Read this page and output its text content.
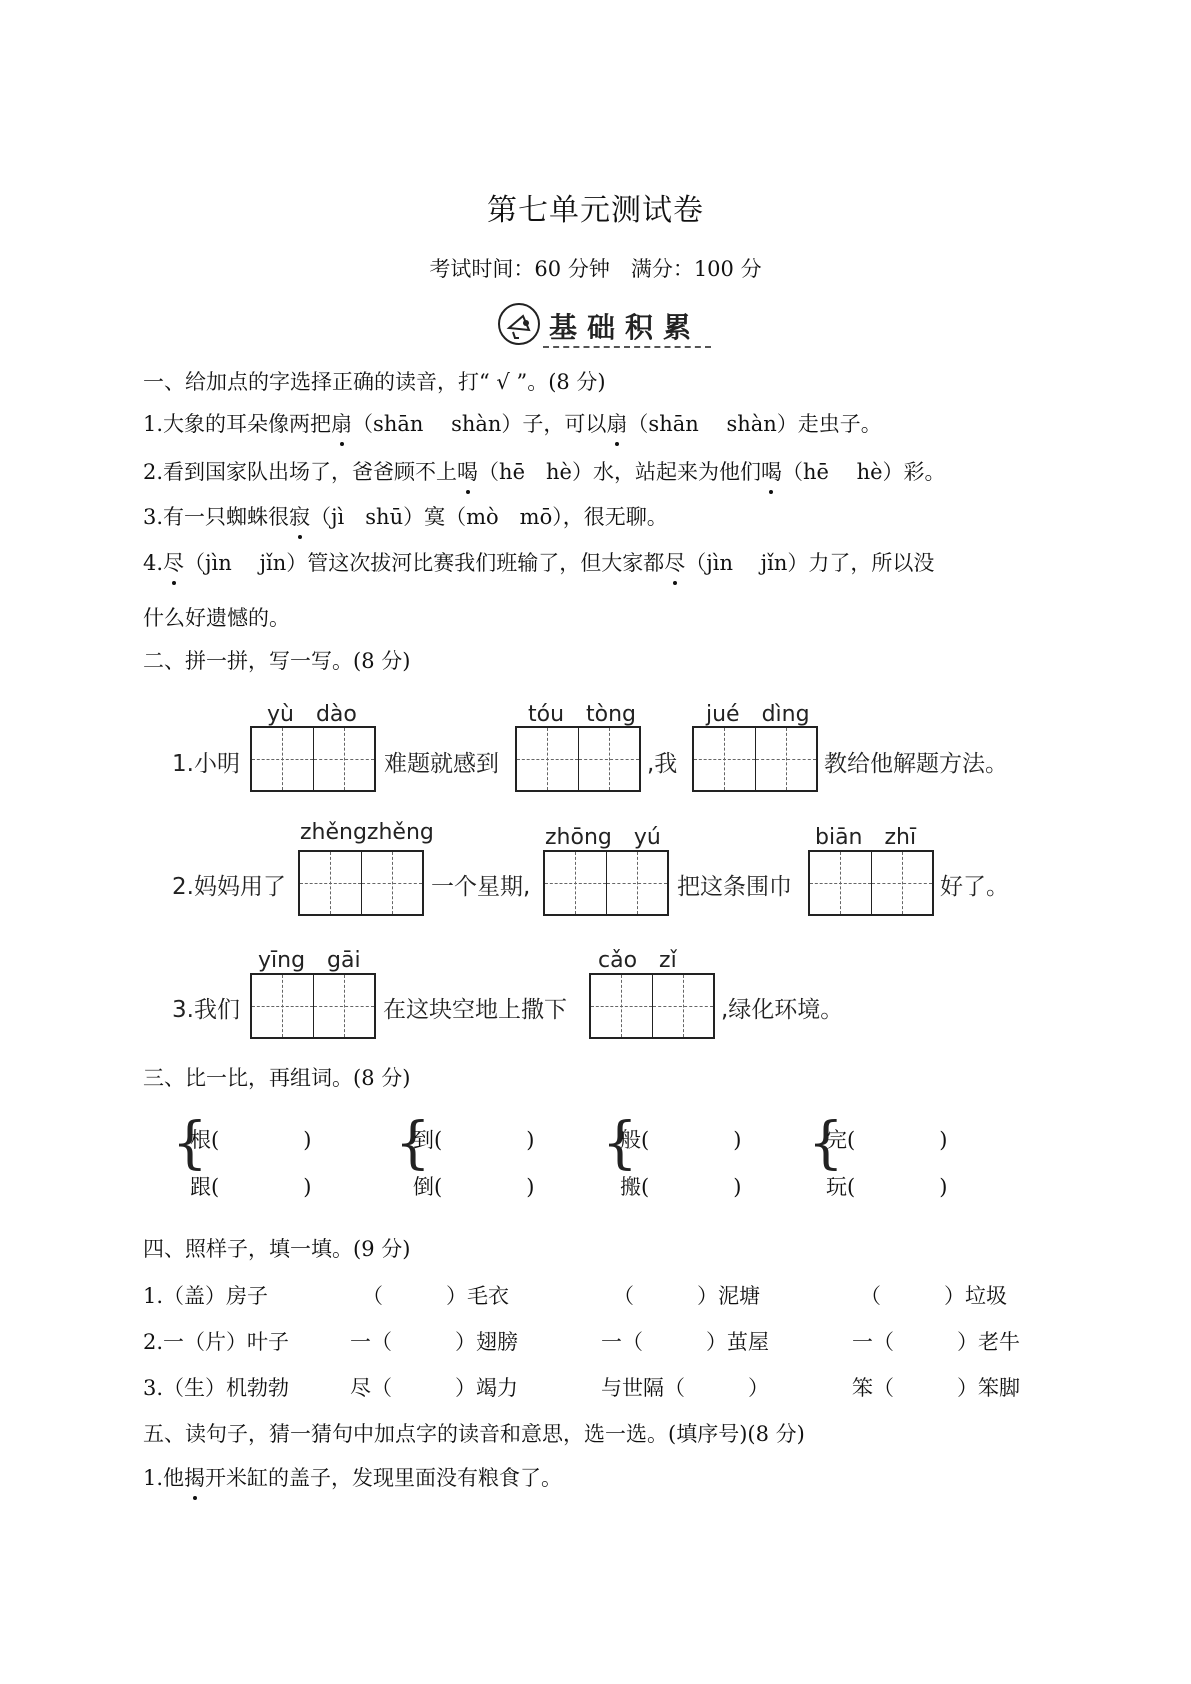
第七单元测试卷
考试时间：60 分钟　满分：100 分
基础积累
一、给加点的字选择正确的读音，打“ √ ”。(8 分)
1.大象的耳朵像两把扇（shān　 shàn）子，可以扇（shān　 shàn）走虫子。
2.看到国家队出场了，爸爸顾不上喝（hē　hè）水，站起来为他们喝（hē　 hè）彩。
3.有一只蜘蛛很寂（jì　shū）寞（mò　mō），很无聊。
4.尽（jìn　 jǐn）管这次拔河比赛我们班输了，但大家都尽（jìn　 jǐn）力了，所以没
什么好遗憾的。
二、拼一拼，写一写。(8 分)
yù　dào	tóu　tòng	jué　dìng
1.小明	难题就感到	,我	教给他解题方法。
zhěngzhěng	zhōng　yú	biān　zhī
2.妈妈用了	一个星期,	把这条围巾	好了。
yīng　gāi	cǎo　zǐ
3.我们	在这块空地上撒下	,绿化环境。
三、比一比，再组词。(8 分)
{
根(　　　　)
跟(　　　　)
{
到(　　　　)
倒(　　　　)
{
般(　　　　)
搬(　　　　)
{
完(　　　　)
玩(　　　　)
四、照样子，填一填。(9 分)
1.（盖）房子	（　　　）毛衣	（　　　）泥塘	（　　　）垃圾
2.一（片）叶子	一（　　　）翅膀	一（　　　）茧屋	一（　　　）老牛
3.（生）机勃勃	尽（　　　）竭力	与世隔（　　　）	笨（　　　）笨脚
五、读句子，猜一猜句中加点字的读音和意思，选一选。(填序号)(8 分)
1.他揭开米缸的盖子，发现里面没有粮食了。
